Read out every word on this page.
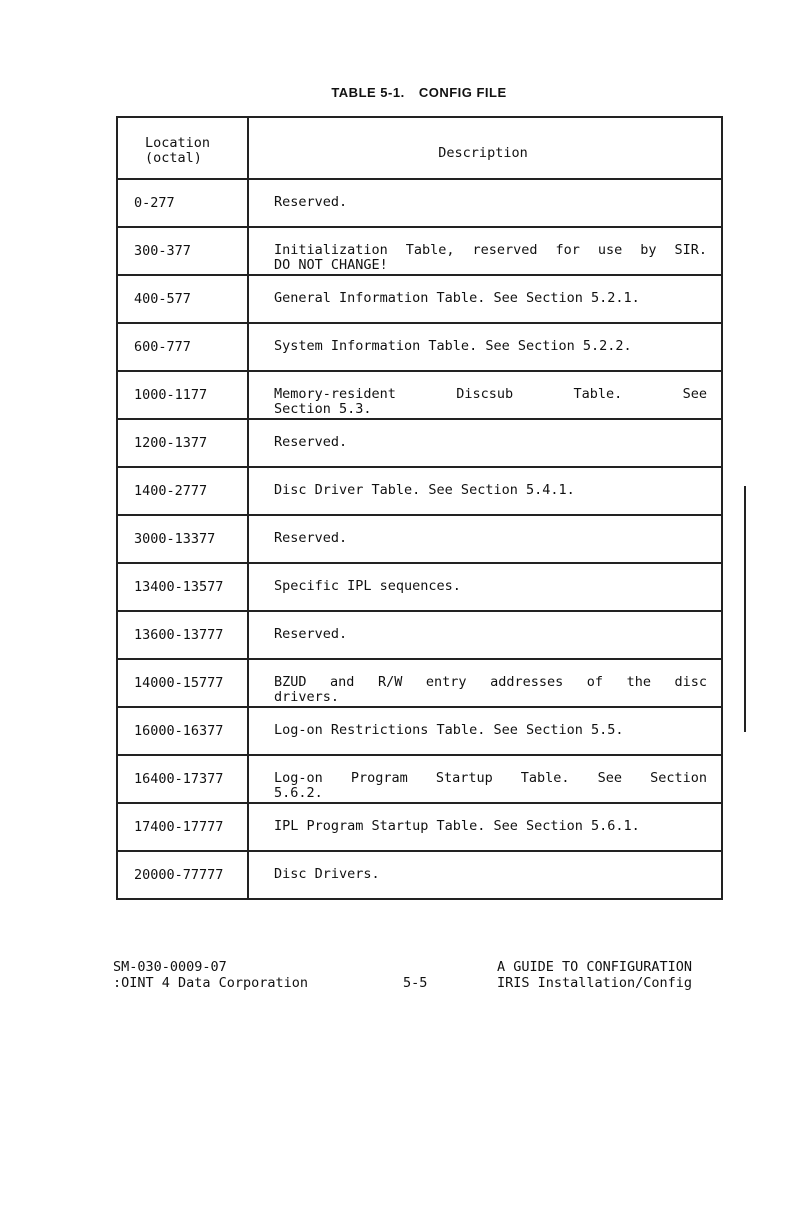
TABLE 5-1. CONFIG FILE
Location
(octal)	Description
0-277	Reserved.

300-377	Initialization Table, reserved for use by SIR.
DO NOT CHANGE!

400-577	General Information Table. See Section 5.2.1.

600-777	System Information Table. See Section 5.2.2.

1000-1177	Memory-resident Discsub Table. See
Section 5.3.

1200-1377	Reserved.

1400-2777	Disc Driver Table. See Section 5.4.1.

3000-13377	Reserved.

13400-13577	Specific IPL sequences.

13600-13777	Reserved.

14000-15777	BZUD and R/W entry addresses of the disc
drivers.

16000-16377	Log-on Restrictions Table. See Section 5.5.

16400-17377	Log-on Program Startup Table. See Section
5.6.2.

17400-17777	IPL Program Startup Table. See Section 5.6.1.

20000-77777	Disc Drivers.
SM-030-0009-07	A GUIDE TO CONFIGURATION
:OINT 4 Data Corporation	5-5	IRIS Installation/Config
